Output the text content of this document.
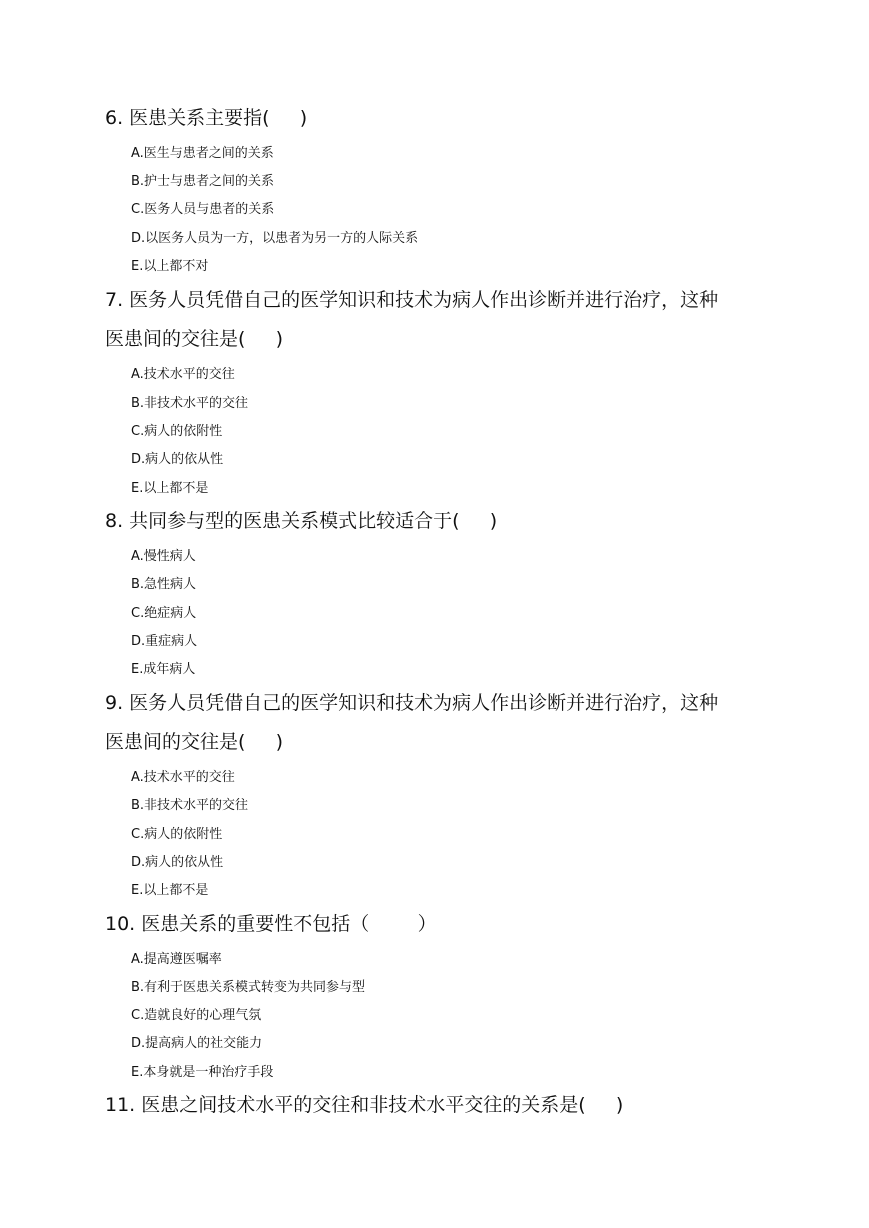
6. 医患关系主要指(     )
A.医生与患者之间的关系
B.护士与患者之间的关系
C.医务人员与患者的关系
D.以医务人员为一方，以患者为另一方的人际关系
E.以上都不对
7. 医务人员凭借自己的医学知识和技术为病人作出诊断并进行治疗，这种
医患间的交往是(     )
A.技术水平的交往
B.非技术水平的交往
C.病人的依附性
D.病人的依从性
E.以上都不是
8. 共同参与型的医患关系模式比较适合于(     )
A.慢性病人
B.急性病人
C.绝症病人
D.重症病人
E.成年病人
9. 医务人员凭借自己的医学知识和技术为病人作出诊断并进行治疗，这种
医患间的交往是(     )
A.技术水平的交往
B.非技术水平的交往
C.病人的依附性
D.病人的依从性
E.以上都不是
10. 医患关系的重要性不包括（        ）
A.提高遵医嘱率
B.有利于医患关系模式转变为共同参与型
C.造就良好的心理气氛
D.提高病人的社交能力
E.本身就是一种治疗手段
11. 医患之间技术水平的交往和非技术水平交往的关系是(     )
